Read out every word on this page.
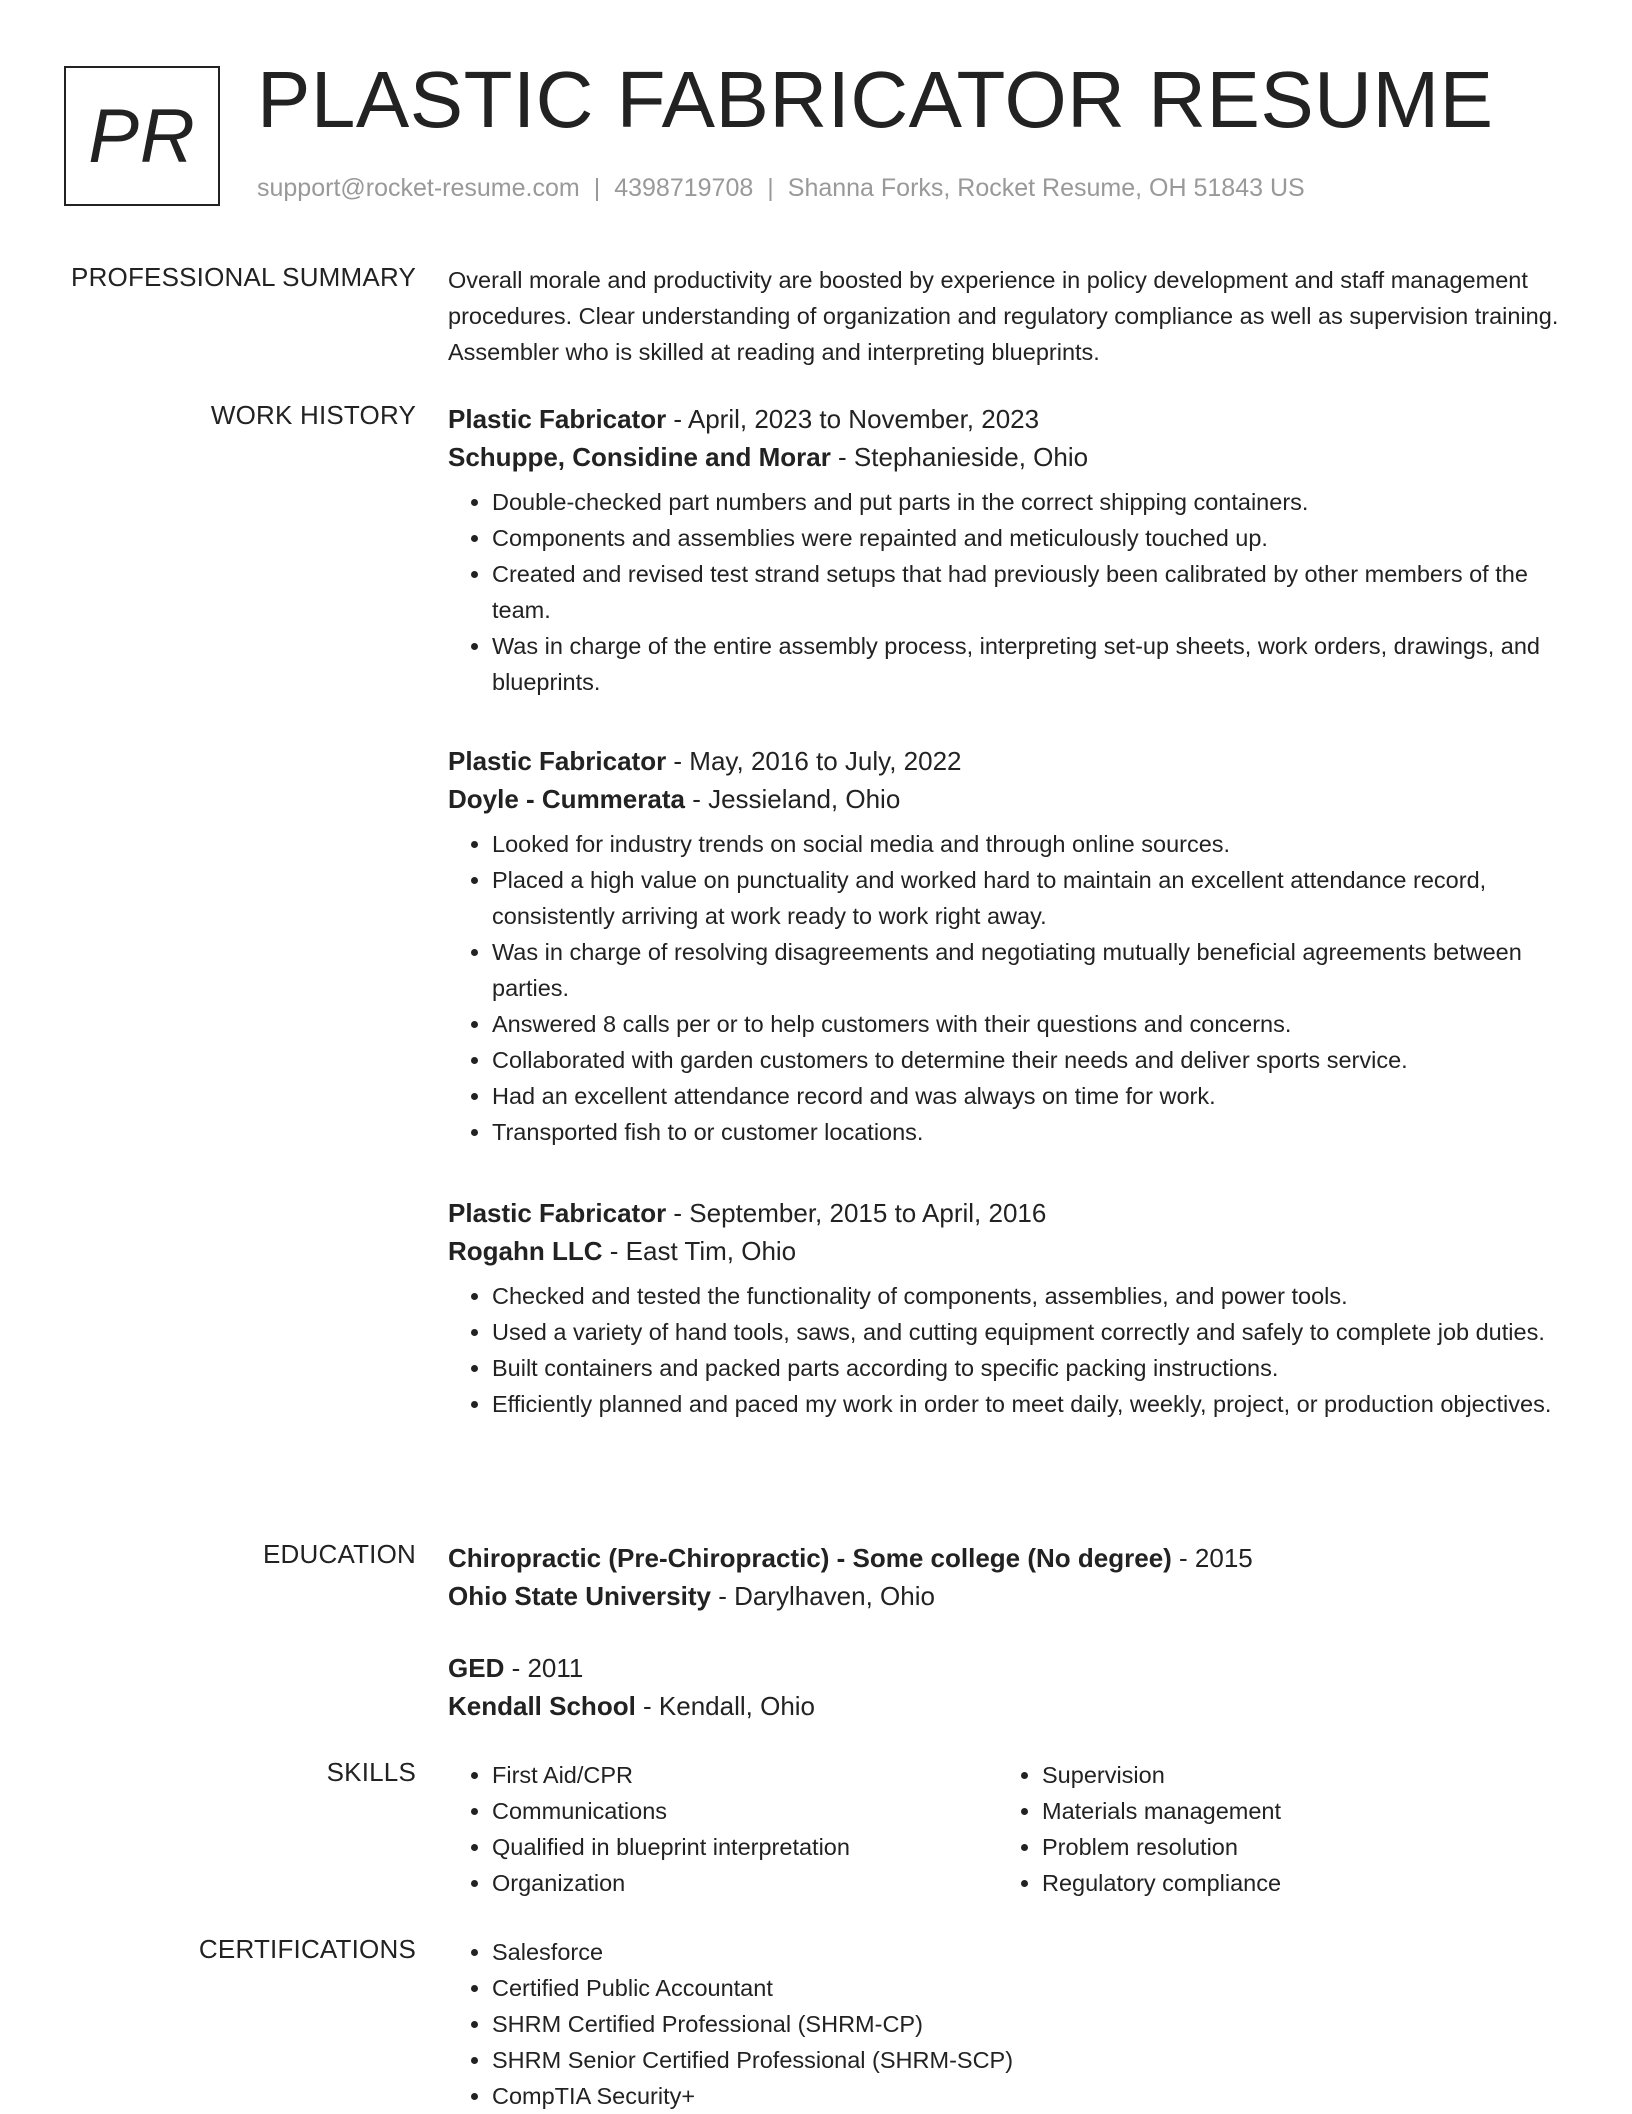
PR PLASTIC FABRICATOR RESUME
support@rocket-resume.com | 4398719708 | Shanna Forks, Rocket Resume, OH 51843 US
PROFESSIONAL SUMMARY Overall morale and productivity are boosted by experience in policy development and staff management procedures. Clear understanding of organization and regulatory compliance as well as supervision training. Assembler who is skilled at reading and interpreting blueprints.

WORK HISTORY Plastic Fabricator - April, 2023 to November, 2023
Schuppe, Considine and Morar - Stephanieside, Ohio
• Double-checked part numbers and put parts in the correct shipping containers.
• Components and assemblies were repainted and meticulously touched up.
• Created and revised test strand setups that had previously been calibrated by other members of the team.
• Was in charge of the entire assembly process, interpreting set-up sheets, work orders, drawings, and blueprints.
Plastic Fabricator - May, 2016 to July, 2022
Doyle - Cummerata - Jessieland, Ohio
• Looked for industry trends on social media and through online sources.
• Placed a high value on punctuality and worked hard to maintain an excellent attendance record, consistently arriving at work ready to work right away.
• Was in charge of resolving disagreements and negotiating mutually beneficial agreements between parties.
• Answered 8 calls per or to help customers with their questions and concerns.
• Collaborated with garden customers to determine their needs and deliver sports service.
• Had an excellent attendance record and was always on time for work.
• Transported fish to or customer locations.
Plastic Fabricator - September, 2015 to April, 2016
Rogahn LLC - East Tim, Ohio
• Checked and tested the functionality of components, assemblies, and power tools.
• Used a variety of hand tools, saws, and cutting equipment correctly and safely to complete job duties.
• Built containers and packed parts according to specific packing instructions.
• Efficiently planned and paced my work in order to meet daily, weekly, project, or production objectives.
EDUCATION Chiropractic (Pre-Chiropractic) - Some college (No degree) - 2015
Ohio State University - Darylhaven, Ohio
GED - 2011
Kendall School - Kendall, Ohio
SKILLS	• First Aid/CPR
• Communications
• Qualified in blueprint interpretation
• Organization
• Supervision
• Materials management
• Problem resolution
• Regulatory compliance
CERTIFICATIONS	• Salesforce
• Certified Public Accountant
• SHRM Certified Professional (SHRM-CP)
• SHRM Senior Certified Professional (SHRM-SCP)
• CompTIA Security+
